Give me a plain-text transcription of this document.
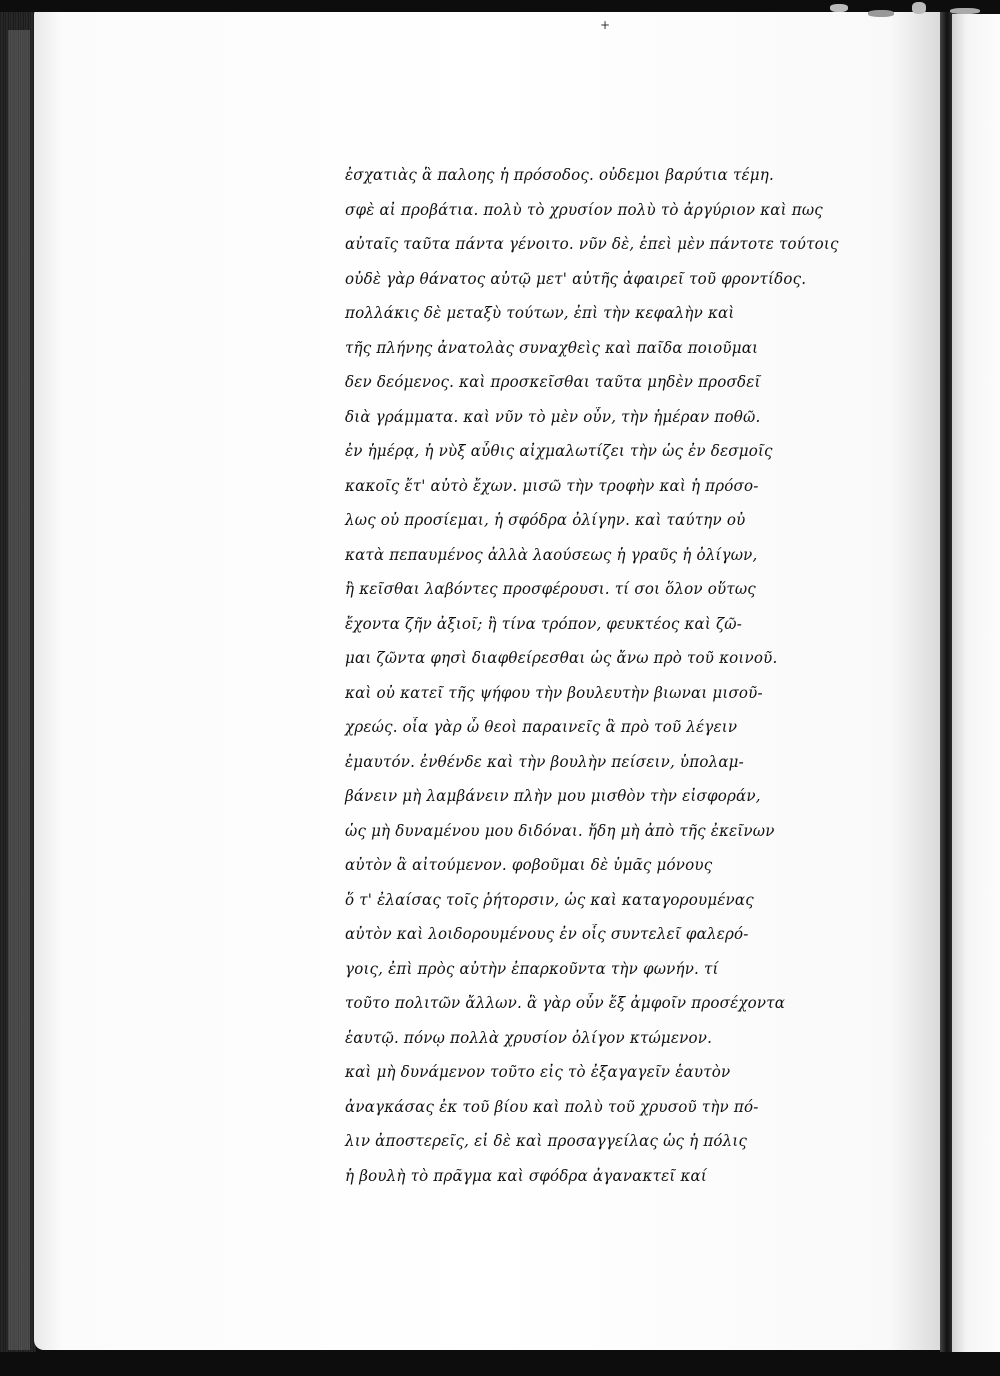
+
ἐσχατιὰς ἃ παλοης ἡ πρόσοδος. οὐδεμοι βαρύτια τέμη.
σφὲ αἰ προβάτια. πολὺ τὸ χρυσίον πολὺ τὸ ἀργύριον καὶ πως
αὐταῖς ταῦτα πάντα γένοιτο. νῦν δὲ, ἐπεὶ μὲν πάντοτε τούτοις
οὐδὲ γὰρ θάνατος αὐτῷ μετ' αὐτῆς ἀφαιρεῖ τοῦ φροντίδος.
πολλάκις δὲ μεταξὺ τούτων, ἐπὶ τὴν κεφαλὴν καὶ
τῆς πλήνης ἀνατολὰς συναχθεὶς καὶ παῖδα ποιοῦμαι
δεν δεόμενος. καὶ προσκεῖσθαι ταῦτα μηδὲν προσδεῖ
διὰ γράμματα. καὶ νῦν τὸ μὲν οὖν, τὴν ἡμέραν ποθῶ.
ἐν ἡμέρᾳ, ἡ νὺξ αὖθις αἰχμαλωτίζει τὴν ὡς ἐν δεσμοῖς
κακοῖς ἔτ' αὐτὸ ἔχων. μισῶ τὴν τροφὴν καὶ ἡ πρόσο-
λως οὐ προσίεμαι, ἡ σφόδρα ὀλίγην. καὶ ταύτην οὐ
κατὰ πεπαυμένος ἀλλὰ λαούσεως ἡ γραῦς ἡ ὀλίγων,
ἢ κεῖσθαι λαβόντες προσφέρουσι. τί σοι ὅλον οὕτως
ἔχοντα ζῆν ἀξιοῖ; ἢ τίνα τρόπον, φευκτέος καὶ ζῶ-
μαι ζῶντα φησὶ διαφθείρεσθαι ὡς ἄνω πρὸ τοῦ κοινοῦ.
καὶ οὐ κατεῖ τῆς ψήφου τὴν βουλευτὴν βιωναι μισοῦ-
χρεώς. οἷα γὰρ ὦ θεοὶ παραινεῖς ἃ πρὸ τοῦ λέγειν
ἐμαυτόν. ἐνθένδε καὶ τὴν βουλὴν πείσειν, ὑπολαμ-
βάνειν μὴ λαμβάνειν πλὴν μου μισθὸν τὴν εἰσφοράν,
ὡς μὴ δυναμένου μου διδόναι. ἤδη μὴ ἀπὸ τῆς ἐκεῖνων
αὐτὸν ἃ αἰτούμενον. φοβοῦμαι δὲ ὑμᾶς μόνους
ὅ τ' ἐλαίσας τοῖς ῥήτορσιν, ὡς καὶ καταγορουμένας
αὐτὸν καὶ λοιδορουμένους ἐν οἷς συντελεῖ φαλερό-
γοις, ἐπὶ πρὸς αὐτὴν ἐπαρκοῦντα τὴν φωνήν. τί
τοῦτο πολιτῶν ἄλλων. ἃ γὰρ οὖν ἔξ ἀμφοῖν προσέχοντα
ἑαυτῷ. πόνῳ πολλὰ χρυσίον ὀλίγον κτώμενον.
καὶ μὴ δυνάμενον τοῦτο εἰς τὸ ἐξαγαγεῖν ἑαυτὸν
ἀναγκάσας ἐκ τοῦ βίου καὶ πολὺ τοῦ χρυσοῦ τὴν πό-
λιν ἀποστερεῖς, εἰ δὲ καὶ προσαγγείλας ὡς ἡ πόλις
ἡ βουλὴ τὸ πρᾶγμα καὶ σφόδρα ἀγανακτεῖ καί
